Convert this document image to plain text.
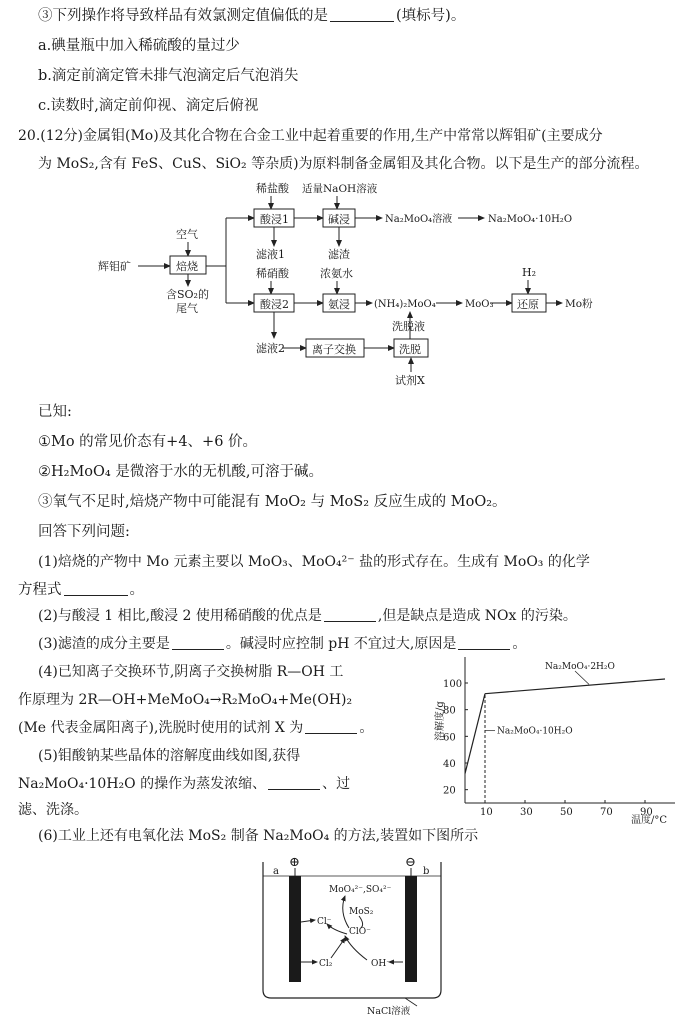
③下列操作将导致样品有效氯测定值偏低的是	(填标号)。
a.碘量瓶中加入稀硫酸的量过少
b.滴定前滴定管未排气泡滴定后气泡消失
c.读数时,滴定前仰视、滴定后俯视
20.(12分)金属钼(Mo)及其化合物在合金工业中起着重要的作用,生产中常常以辉钼矿(主要成分
为 MoS₂,含有 FeS、CuS、SiO₂ 等杂质)为原料制备金属钼及其化合物。以下是生产的部分流程。
辉钼矿
空气
焙烧
含SO₂的
尾气
稀盐酸
酸浸1
滤液1
适量NaOH溶液
碱浸
滤渣
Na₂MoO₄溶液	Na₂MoO₄·10H₂O
稀硝酸
酸浸2
滤液2 离子交换
浓氨水
氨浸 (NH₄)₂MoO₄	MoO₃
H₂
还原 Mo粉
洗脱液
洗脱
试剂X
已知:
①Mo 的常见价态有+4、+6 价。
②H₂MoO₄ 是微溶于水的无机酸,可溶于碱。
③氧气不足时,焙烧产物中可能混有 MoO₂ 与 MoS₂ 反应生成的 MoO₂。
回答下列问题:
(1)焙烧的产物中 Mo 元素主要以 MoO₃、MoO₄²⁻ 盐的形式存在。生成有 MoO₃ 的化学
方程式	。
(2)与酸浸 1 相比,酸浸 2 使用稀硝酸的优点是	,但是缺点是造成 NOx 的污染。
(3)滤渣的成分主要是	。碱浸时应控制 pH 不宜过大,原因是	。
(4)已知离子交换环节,阴离子交换树脂 R—OH 工
作原理为 2R—OH+MeMoO₄→R₂MoO₄+Me(OH)₂
(Me 代表金属阳离子),洗脱时使用的试剂 X 为	。
(5)钼酸钠某些晶体的溶解度曲线如图,获得
Na₂MoO₄·10H₂O 的操作为蒸发浓缩、	、过
滤、洗涤。
(6)工业上还有电氧化法 MoS₂ 制备 Na₂MoO₄ 的方法,装置如下图所示
10	30	50	70	90
20
40
60
80
100
Na₂MoO₄·10H₂O
Na₂MoO₄·2H₂O
溶解度/g
温度/°C
⊕	⊖
a	b
MoO₄²⁻,SO₄²⁻
MoS₂
Cl⁻
ClO⁻
Cl₂	OH⁻
NaCl溶液
